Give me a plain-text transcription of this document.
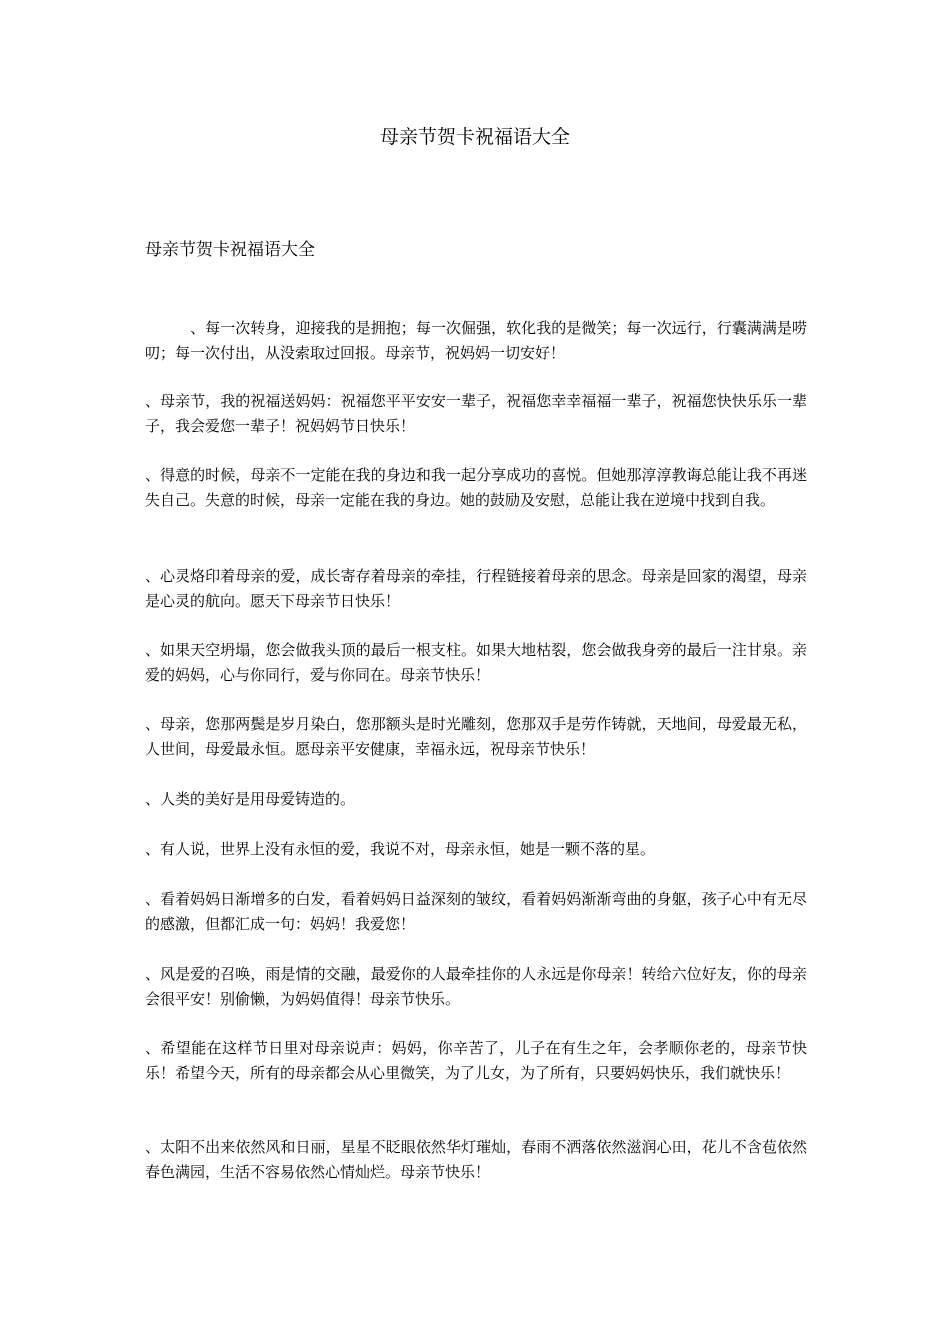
母亲节贺卡祝福语大全
母亲节贺卡祝福语大全
　　　、每一次转身，迎接我的是拥抱；每一次倔强，软化我的是微笑；每一次远行，行囊满满是唠叨；每一次付出，从没索取过回报。母亲节，祝妈妈一切安好！
、母亲节，我的祝福送妈妈：祝福您平平安安一辈子，祝福您幸幸福福一辈子，祝福您快快乐乐一辈子，我会爱您一辈子！祝妈妈节日快乐！
、得意的时候，母亲不一定能在我的身边和我一起分享成功的喜悦。但她那淳淳教诲总能让我不再迷失自己。失意的时候，母亲一定能在我的身边。她的鼓励及安慰，总能让我在逆境中找到自我。
、心灵烙印着母亲的爱，成长寄存着母亲的牵挂，行程链接着母亲的思念。母亲是回家的渴望，母亲是心灵的航向。愿天下母亲节日快乐！
、如果天空坍塌，您会做我头顶的最后一根支柱。如果大地枯裂，您会做我身旁的最后一注甘泉。亲爱的妈妈，心与你同行，爱与你同在。母亲节快乐！
、母亲，您那两鬓是岁月染白，您那额头是时光雕刻，您那双手是劳作铸就，天地间，母爱最无私，人世间，母爱最永恒。愿母亲平安健康，幸福永远，祝母亲节快乐！
、人类的美好是用母爱铸造的。
、有人说，世界上没有永恒的爱，我说不对，母亲永恒，她是一颗不落的星。
、看着妈妈日渐增多的白发，看着妈妈日益深刻的皱纹，看着妈妈渐渐弯曲的身躯，孩子心中有无尽的感激，但都汇成一句：妈妈！我爱您！
、风是爱的召唤，雨是情的交融，最爱你的人最牵挂你的人永远是你母亲！转给六位好友，你的母亲会很平安！别偷懒，为妈妈值得！母亲节快乐。
、希望能在这样节日里对母亲说声：妈妈，你辛苦了，儿子在有生之年，会孝顺你老的，母亲节快乐！希望今天，所有的母亲都会从心里微笑，为了儿女，为了所有，只要妈妈快乐，我们就快乐！
、太阳不出来依然风和日丽，星星不眨眼依然华灯璀灿，春雨不洒落依然滋润心田，花儿不含苞依然春色满园，生活不容易依然心情灿烂。母亲节快乐！
